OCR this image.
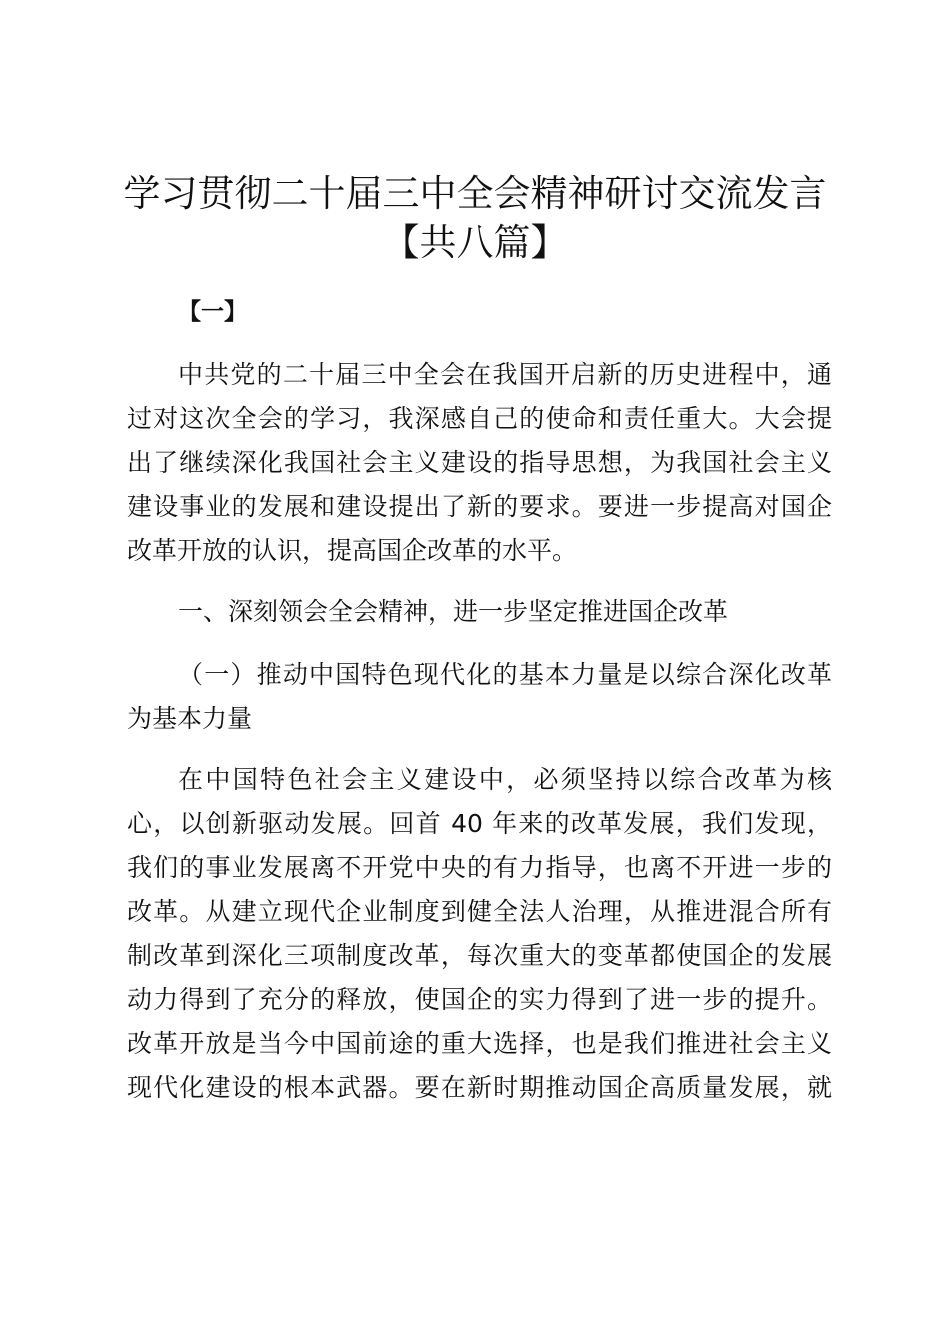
学习贯彻二十届三中全会精神研讨交流发言
【共八篇】
【一】
中共党的二十届三中全会在我国开启新的历史进程中，通
过对这次全会的学习，我深感自己的使命和责任重大。大会提
出了继续深化我国社会主义建设的指导思想，为我国社会主义
建设事业的发展和建设提出了新的要求。要进一步提高对国企
改革开放的认识，提高国企改革的水平。
一、深刻领会全会精神，进一步坚定推进国企改革
（一）推动中国特色现代化的基本力量是以综合深化改革
为基本力量
在中国特色社会主义建设中，必须坚持以综合改革为核
心，以创新驱动发展。回首 40 年来的改革发展，我们发现，
我们的事业发展离不开党中央的有力指导，也离不开进一步的
改革。从建立现代企业制度到健全法人治理，从推进混合所有
制改革到深化三项制度改革，每次重大的变革都使国企的发展
动力得到了充分的释放，使国企的实力得到了进一步的提升。
改革开放是当今中国前途的重大选择，也是我们推进社会主义
现代化建设的根本武器。要在新时期推动国企高质量发展，就
